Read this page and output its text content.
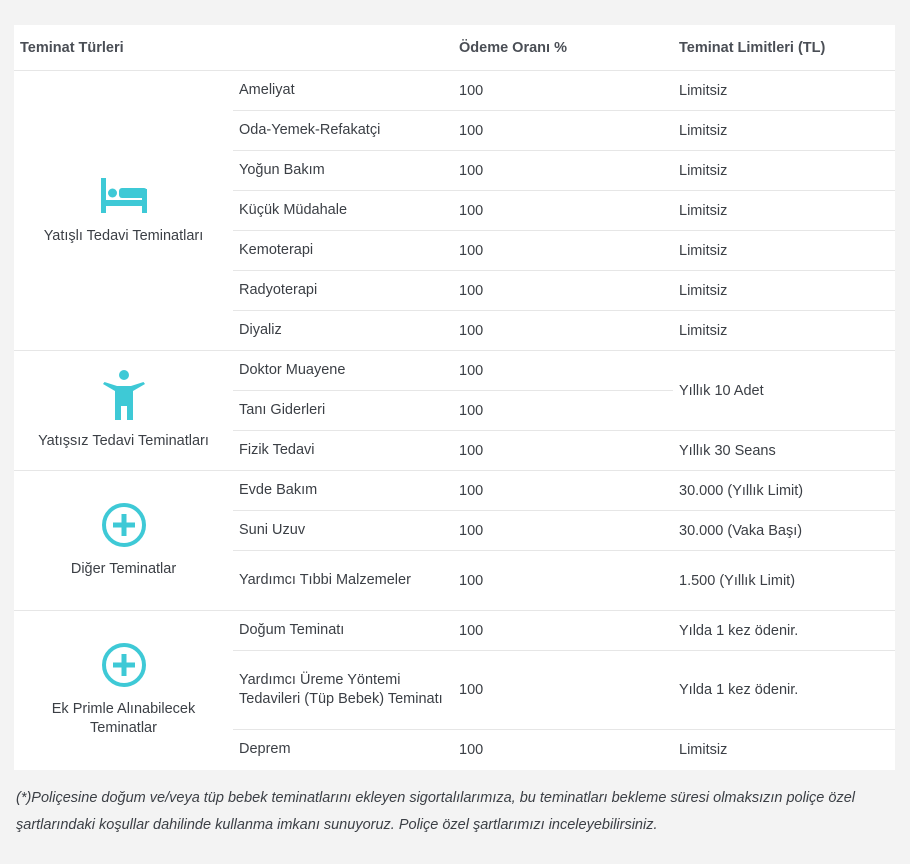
Teminat Türleri		Ödeme Oranı %	Teminat Limitleri (TL)

Yatışlı Tedavi Teminatları	Ameliyat	100	Limitsiz
	Oda-Yemek-Refakatçi	100	Limitsiz
	Yoğun Bakım	100	Limitsiz
	Küçük Müdahale	100	Limitsiz
	Kemoterapi	100	Limitsiz
	Radyoterapi	100	Limitsiz
	Diyaliz	100	Limitsiz

Yatışsız Tedavi Teminatları	Doktor Muayene	100	Yıllık 10 Adet
	Tanı Giderleri	100	
	Fizik Tedavi	100	Yıllık 30 Seans

Diğer Teminatlar	Evde Bakım	100	30.000 (Yıllık Limit)
	Suni Uzuv	100	30.000 (Vaka Başı)
	Yardımcı Tıbbi Malzemeler	100	1.500 (Yıllık Limit)

Ek Primle Alınabilecek Teminatlar	Doğum Teminatı	100	Yılda 1 kez ödenir.
	Yardımcı Üreme Yöntemi Tedavileri (Tüp Bebek) Teminatı	100	Yılda 1 kez ödenir.
	Deprem	100	Limitsiz
(*)Poliçesine doğum ve/veya tüp bebek teminatlarını ekleyen sigortalılarımıza, bu teminatları bekleme süresi olmaksızın poliçe özel şartlarındaki koşullar dahilinde kullanma imkanı sunuyoruz. Poliçe özel şartlarımızı inceleyebilirsiniz.
